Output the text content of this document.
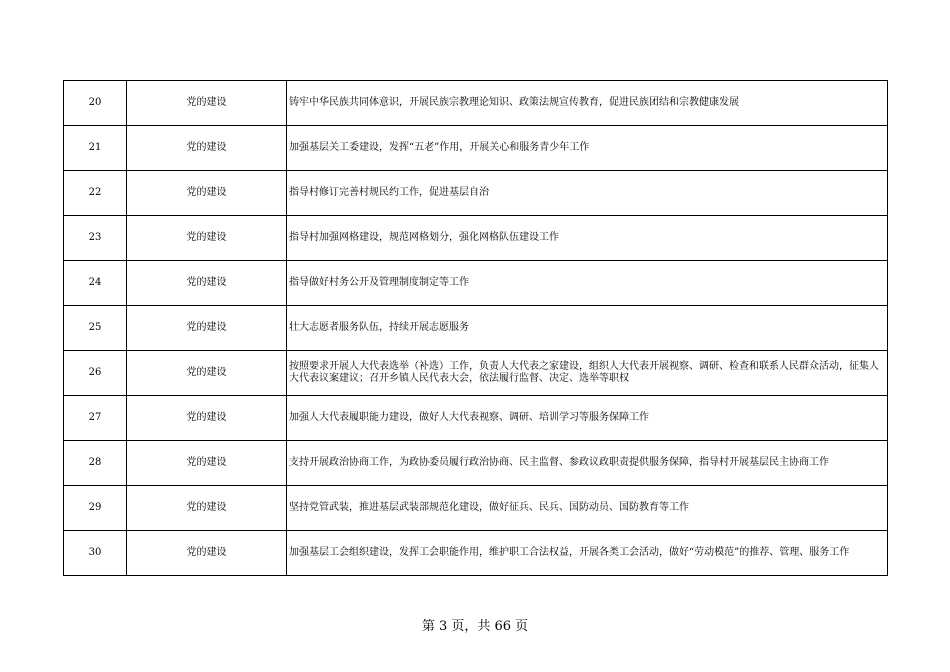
20	党的建设	铸牢中华民族共同体意识，开展民族宗教理论知识、政策法规宣传教育，促进民族团结和宗教健康发展
21	党的建设	加强基层关工委建设，发挥“五老”作用，开展关心和服务青少年工作
22	党的建设	指导村修订完善村规民约工作，促进基层自治
23	党的建设	指导村加强网格建设，规范网格划分，强化网格队伍建设工作
24	党的建设	指导做好村务公开及管理制度制定等工作
25	党的建设	壮大志愿者服务队伍，持续开展志愿服务
26	党的建设	按照要求开展人大代表选举（补选）工作，负责人大代表之家建设，组织人大代表开展视察、调研、检查和联系人民群众活动，征集人大代表议案建议；召开乡镇人民代表大会，依法履行监督、决定、选举等职权
27	党的建设	加强人大代表履职能力建设，做好人大代表视察、调研、培训学习等服务保障工作
28	党的建设	支持开展政治协商工作，为政协委员履行政治协商、民主监督、参政议政职责提供服务保障，指导村开展基层民主协商工作
29	党的建设	坚持党管武装，推进基层武装部规范化建设，做好征兵、民兵、国防动员、国防教育等工作
30	党的建设	加强基层工会组织建设，发挥工会职能作用，维护职工合法权益，开展各类工会活动，做好“劳动模范”的推荐、管理、服务工作
第 3 页，共 66 页
